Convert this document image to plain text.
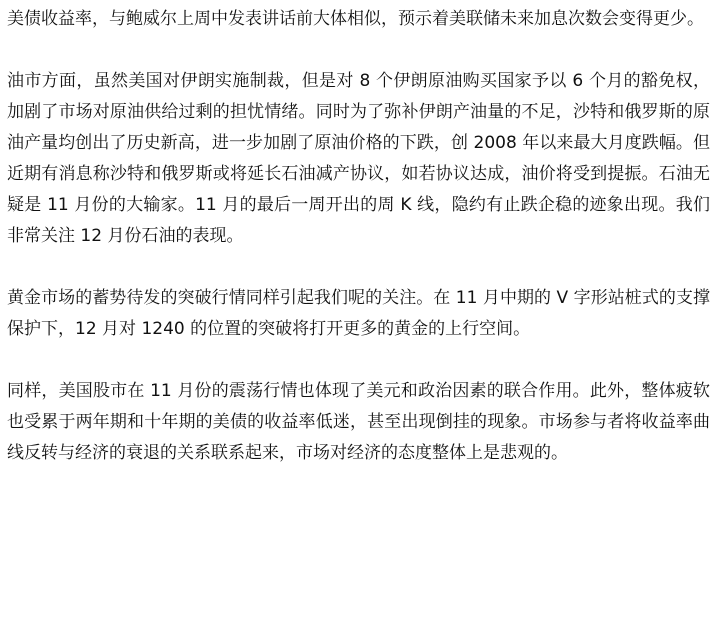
美债收益率，与鲍威尔上周中发表讲话前大体相似，预示着美联储未来加息次数会变得更少。

油市方面，虽然美国对伊朗实施制裁，但是对 8 个伊朗原油购买国家予以 6 个月的豁免权，加剧了市场对原油供给过剩的担忧情绪。同时为了弥补伊朗产油量的不足，沙特和俄罗斯的原油产量均创出了历史新高，进一步加剧了原油价格的下跌，创 2008 年以来最大月度跌幅。但近期有消息称沙特和俄罗斯或将延长石油减产协议，如若协议达成，油价将受到提振。石油无疑是 11 月份的大输家。11 月的最后一周开出的周 K 线，隐约有止跌企稳的迹象出现。我们非常关注 12 月份石油的表现。

黄金市场的蓄势待发的突破行情同样引起我们呢的关注。在 11 月中期的 V 字形站桩式的支撑保护下，12 月对 1240 的位置的突破将打开更多的黄金的上行空间。

同样，美国股市在 11 月份的震荡行情也体现了美元和政治因素的联合作用。此外，整体疲软也受累于两年期和十年期的美债的收益率低迷，甚至出现倒挂的现象。市场参与者将收益率曲线反转与经济的衰退的关系联系起来，市场对经济的态度整体上是悲观的。
